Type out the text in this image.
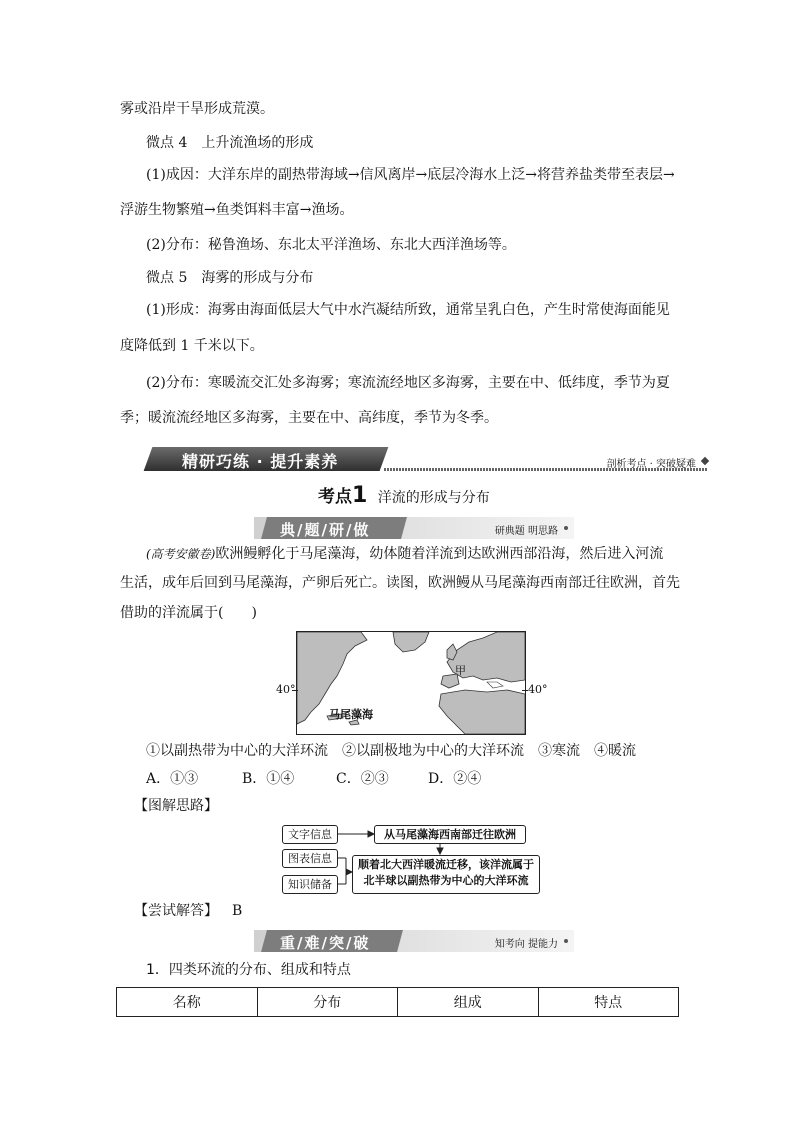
雾或沿岸干旱形成荒漠。
微点 4　上升流渔场的形成
(1)成因：大洋东岸的副热带海域→信风离岸→底层冷海水上泛→将营养盐类带至表层→
浮游生物繁殖→鱼类饵料丰富→渔场。
(2)分布：秘鲁渔场、东北太平洋渔场、东北大西洋渔场等。
微点 5　海雾的形成与分布
(1)形成：海雾由海面低层大气中水汽凝结所致，通常呈乳白色，产生时常使海面能见
度降低到 1 千米以下。
(2)分布：寒暖流交汇处多海雾；寒流流经地区多海雾，主要在中、低纬度，季节为夏
季；暖流流经地区多海雾，主要在中、高纬度，季节为冬季。
精研巧练 · 提升素养	剖析考点 · 突破疑难
考点1 洋流的形成与分布
典/题/研/做	研典题 明思路
(高考安徽卷)欧洲鳗孵化于马尾藻海，幼体随着洋流到达欧洲西部沿海，然后进入河流
生活，成年后回到马尾藻海，产卵后死亡。读图，欧洲鳗从马尾藻海西南部迁往欧洲，首先
借助的洋流属于(　　)
甲
马尾藻海
40°	40°
①以副热带为中心的大洋环流　②以副极地为中心的大洋环流　③寒流　④暖流
A．①③	B．①④	C．②③	D．②④
【图解思路】
文字信息
图表信息
知识储备
从马尾藻海西南部迁往欧洲
顺着北大西洋暖流迁移，该洋流属于
北半球以副热带为中心的大洋环流
【尝试解答】 B
重/难/突/破	知考向 提能力
1．四类环流的分布、组成和特点
名称	分布	组成	特点
